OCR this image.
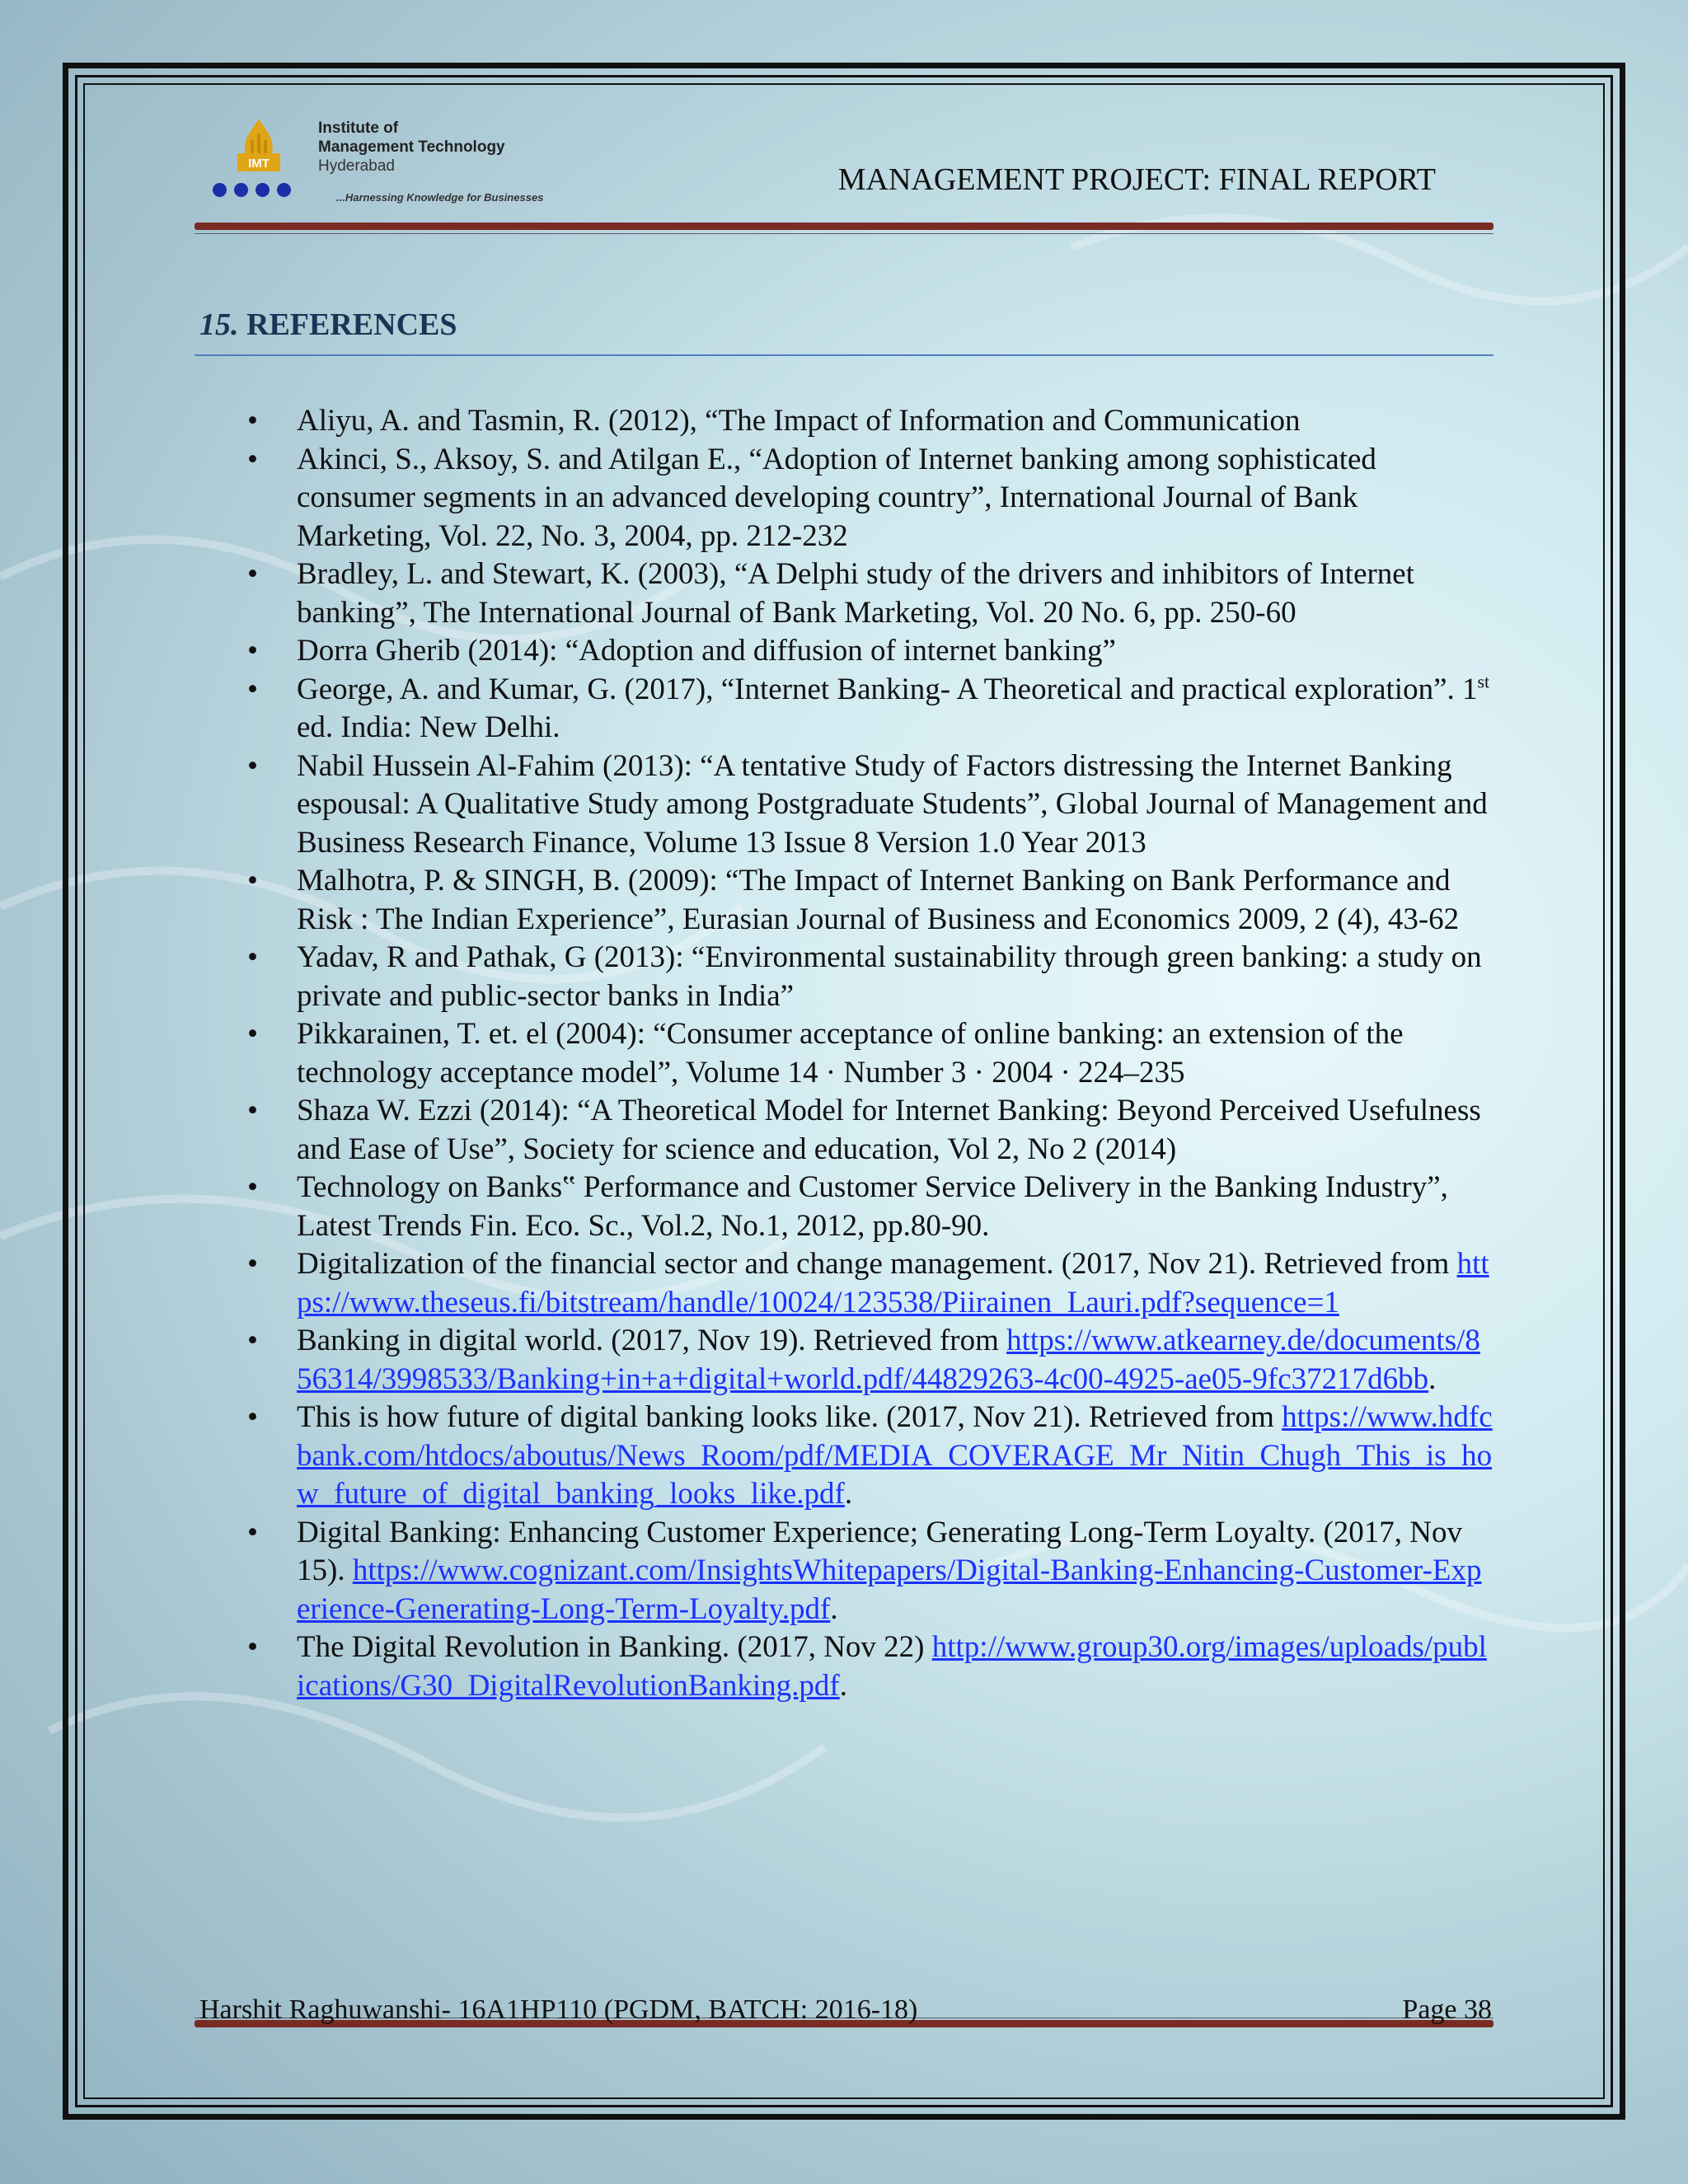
IMT
Institute of
Management Technology
Hyderabad
...Harnessing Knowledge for Businesses
MANAGEMENT PROJECT: FINAL REPORT
15. REFERENCES
• Aliyu, A. and Tasmin, R. (2012), “The Impact of Information and Communication
• Akinci, S., Aksoy, S. and Atilgan E., “Adoption of Internet banking among sophisticated consumer segments in an advanced developing country”, International Journal of Bank Marketing, Vol. 22, No. 3, 2004, pp. 212-232
• Bradley, L. and Stewart, K. (2003), “A Delphi study of the drivers and inhibitors of Internet banking”, The International Journal of Bank Marketing, Vol. 20 No. 6, pp. 250-60
• Dorra Gherib (2014): “Adoption and diffusion of internet banking”
• George, A. and Kumar, G. (2017), “Internet Banking- A Theoretical and practical exploration”. 1st ed. India: New Delhi.
• Nabil Hussein Al-Fahim (2013): “A tentative Study of Factors distressing the Internet Banking espousal: A Qualitative Study among Postgraduate Students”, Global Journal of Management and Business Research Finance, Volume 13 Issue 8 Version 1.0 Year 2013
• Malhotra, P. & SINGH, B. (2009): “The Impact of Internet Banking on Bank Performance and Risk : The Indian Experience”, Eurasian Journal of Business and Economics 2009, 2 (4), 43-62
• Yadav, R and Pathak, G (2013): “Environmental sustainability through green banking: a study on private and public-sector banks in India”
• Pikkarainen, T. et. el (2004): “Consumer acceptance of online banking: an extension of the technology acceptance model”, Volume 14 · Number 3 · 2004 · 224–235
• Shaza W. Ezzi (2014): “A Theoretical Model for Internet Banking: Beyond Perceived Usefulness and Ease of Use”, Society for science and education, Vol 2, No 2 (2014)
• Technology on Banks‟ Performance and Customer Service Delivery in the Banking Industry”, Latest Trends Fin. Eco. Sc., Vol.2, No.1, 2012, pp.80-90.
• Digitalization of the financial sector and change management. (2017, Nov 21). Retrieved from https://www.theseus.fi/bitstream/handle/10024/123538/Piirainen_Lauri.pdf?sequence=1
• Banking in digital world. (2017, Nov 19). Retrieved from https://www.atkearney.de/documents/856314/3998533/Banking+in+a+digital+world.pdf/44829263-4c00-4925-ae05-9fc37217d6bb.
• This is how future of digital banking looks like. (2017, Nov 21). Retrieved from https://www.hdfcbank.com/htdocs/aboutus/News_Room/pdf/MEDIA_COVERAGE_Mr_Nitin_Chugh_This_is_how_future_of_digital_banking_looks_like.pdf.
• Digital Banking: Enhancing Customer Experience; Generating Long-Term Loyalty. (2017, Nov 15). https://www.cognizant.com/InsightsWhitepapers/Digital-Banking-Enhancing-Customer-Experience-Generating-Long-Term-Loyalty.pdf.
• The Digital Revolution in Banking. (2017, Nov 22) http://www.group30.org/images/uploads/publications/G30_DigitalRevolutionBanking.pdf.
Harshit Raghuwanshi- 16A1HP110 (PGDM, BATCH: 2016-18)	Page 38
